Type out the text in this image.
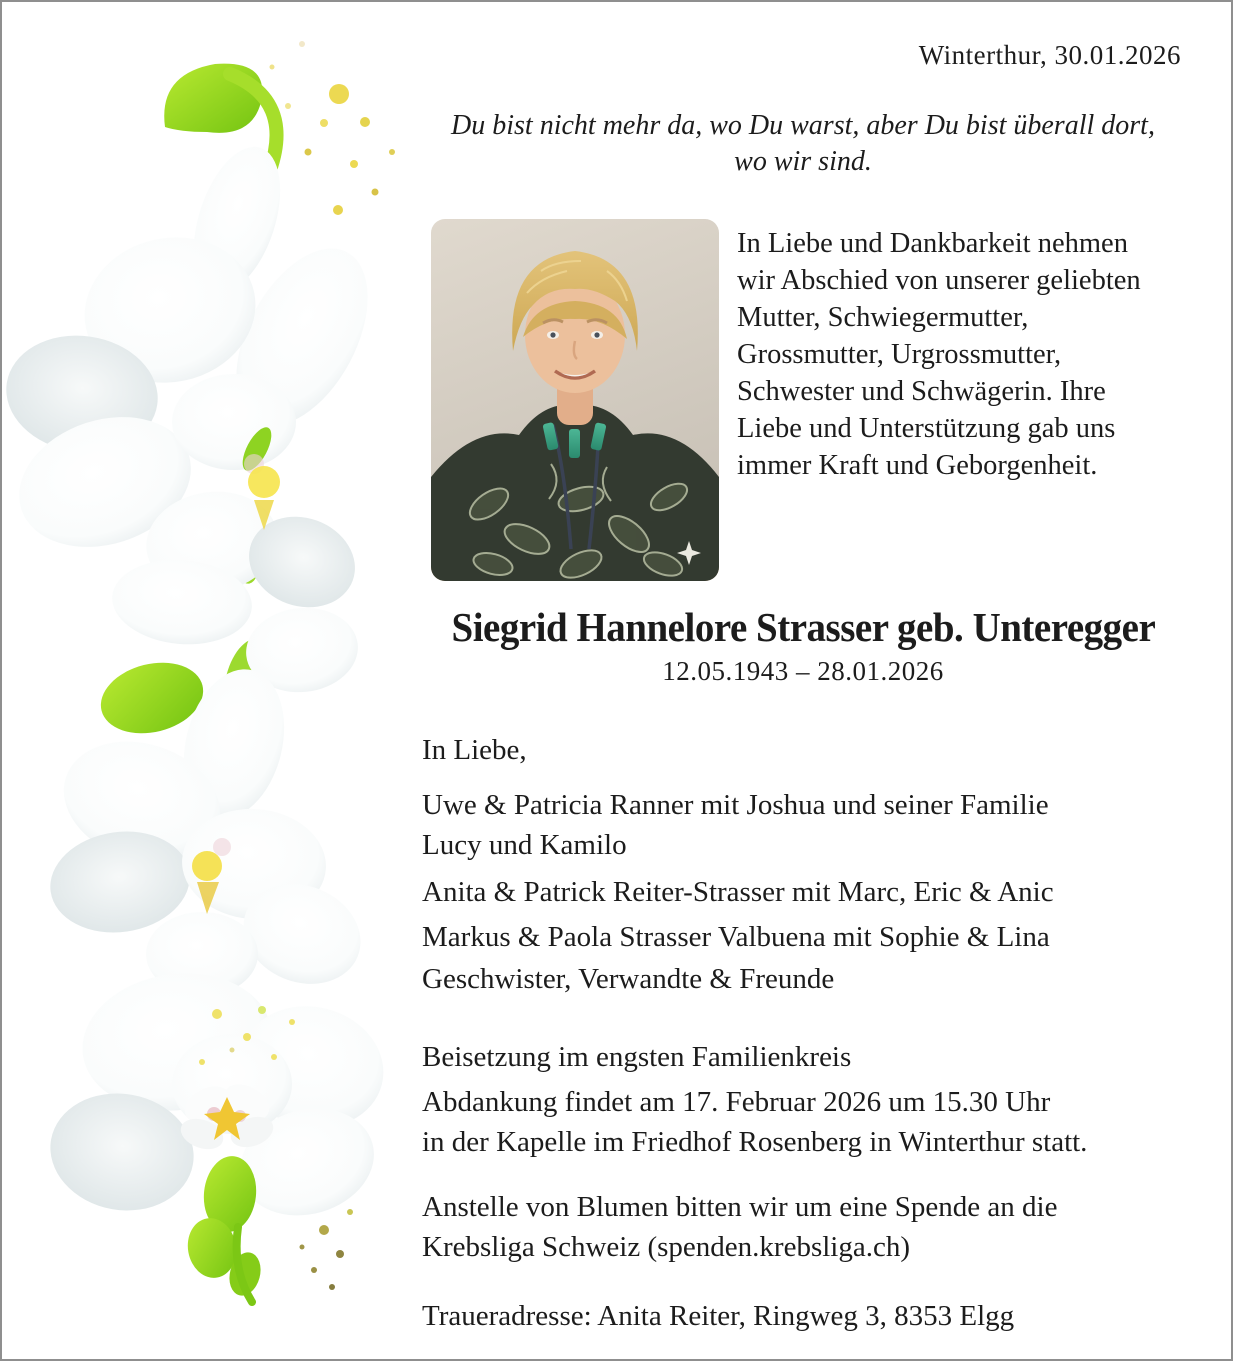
Winterthur, 30.01.2026
Du bist nicht mehr da, wo Du warst, aber Du bist überall dort,
wo wir sind.
In Liebe und Dankbarkeit nehmen
wir Abschied von unserer geliebten
Mutter, Schwiegermutter,
Grossmutter, Urgrossmutter,
Schwester und Schwägerin. Ihre
Liebe und Unterstützung gab uns
immer Kraft und Geborgenheit.
Siegrid Hannelore Strasser geb. Unteregger
12.05.1943 – 28.01.2026

In Liebe,

Uwe & Patricia Ranner mit Joshua und seiner Familie
Lucy und Kamilo

Anita & Patrick Reiter-Strasser mit Marc, Eric & Anic

Markus & Paola Strasser Valbuena mit Sophie & Lina

Geschwister, Verwandte & Freunde

Beisetzung im engsten Familienkreis

Abdankung findet am 17. Februar 2026 um 15.30 Uhr
in der Kapelle im Friedhof Rosenberg in Winterthur statt.

Anstelle von Blumen bitten wir um eine Spende an die
Krebsliga Schweiz (spenden.krebsliga.ch)

Traueradresse: Anita Reiter, Ringweg 3, 8353 Elgg
